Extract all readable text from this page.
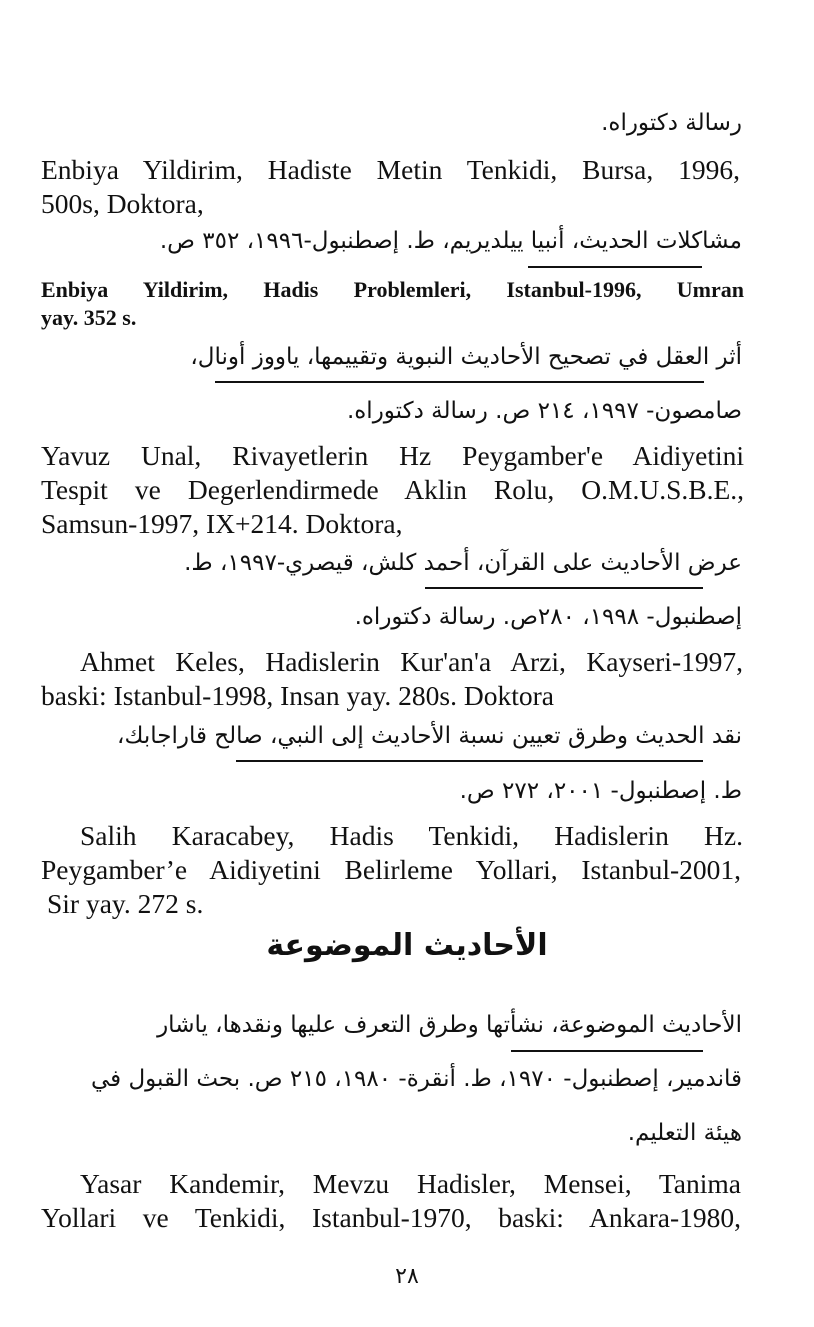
رسالة دكتوراه.

Enbiya Yildirim, Hadiste Metin Tenkidi, Bursa, 1996,
500s, Doktora,

مشاكلات الحديث، أنبيا ييلديريم، ط. إصطنبول-١٩٩٦، ٣٥٢ ص.

Enbiya Yildirim, Hadis Problemleri, Istanbul-1996, Umran
yay. 352 s.

أثر العقل في تصحيح الأحاديث النبوية وتقييمها، ياووز أونال،

صامصون- ١٩٩٧، ٢١٤ ص. رسالة دكتوراه.

Yavuz Unal, Rivayetlerin Hz Peygamber'e Aidiyetini
Tespit ve Degerlendirmede Aklin Rolu, O.M.U.S.B.E.,
Samsun-1997, IX+214. Doktora,

عرض الأحاديث على القرآن، أحمد كلش، قيصري-١٩٩٧، ط.

إصطنبول- ١٩٩٨، ٢٨٠ص. رسالة دكتوراه.

Ahmet Keles, Hadislerin Kur'an'a Arzi, Kayseri-1997,
baski: Istanbul-1998, Insan yay. 280s. Doktora

نقد الحديث وطرق تعيين نسبة الأحاديث إلى النبي، صالح قاراجابك،

ط. إصطنبول- ٢٠٠١، ٢٧٢ ص.

Salih Karacabey, Hadis Tenkidi, Hadislerin Hz.
Peygamber’e Aidiyetini Belirleme Yollari, Istanbul-2001,
Sir yay. 272 s.
الأحاديث الموضوعة

الأحاديث الموضوعة، نشأتها وطرق التعرف عليها ونقدها، ياشار

قاندمير، إصطنبول- ١٩٧٠، ط. أنقرة- ١٩٨٠، ٢١٥ ص. بحث القبول في

هيئة التعليم.

Yasar Kandemir, Mevzu Hadisler, Mensei, Tanima
Yollari ve Tenkidi, Istanbul-1970, baski: Ankara-1980,
٢٨
